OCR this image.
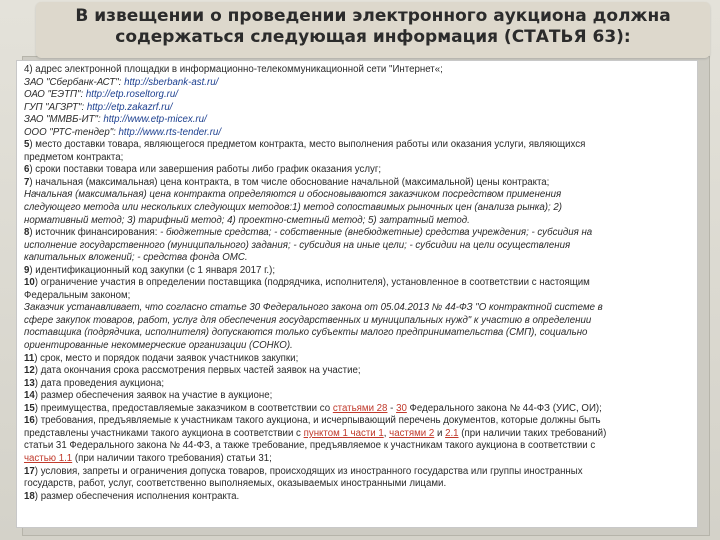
В извещении о проведении электронного аукциона должна содержаться следующая информация (СТАТЬЯ 63):

4) адрес электронной площадки в информационно-телекоммуникационной сети "Интернет«;
ЗАО "Сбербанк-АСТ": http://sberbank-ast.ru/
ОАО "ЕЭТП": http://etp.roseltorg.ru/
ГУП "АГЗРТ": http://etp.zakazrf.ru/
ЗАО "ММВБ-ИТ": http://www.etp-micex.ru/
ООО "РТС-тендер": http://www.rts-tender.ru/
5) место доставки товара, являющегося предметом контракта, место выполнения работы или оказания услуги, являющихся
предметом контракта;
6) сроки поставки товара или завершения работы либо график оказания услуг;
7) начальная (максимальная) цена контракта, в том числе обоснование начальной (максимальной) цены контракта;
Начальная (максимальная) цена контракта определяются и обосновываются заказчиком посредством применения
следующего метода или нескольких следующих методов:1) метод сопоставимых рыночных цен (анализа рынка); 2)
нормативный метод; 3) тарифный метод; 4) проектно-сметный метод; 5) затратный метод.
8) источник финансирования: - бюджетные средства; - собственные (внебюджетные) средства учреждения; - субсидия на
исполнение государственного (муниципального) задания; - субсидия на иные цели; - субсидии на цели осуществления
капитальных вложений; - средства фонда ОМС.
9) идентификационный код закупки (с 1 января 2017 г.);
10) ограничение участия в определении поставщика (подрядчика, исполнителя), установленное в соответствии с настоящим
Федеральным законом;
Заказчик устанавливает, что согласно статье 30 Федерального закона от 05.04.2013 № 44-ФЗ "О контрактной системе в
сфере закупок товаров, работ, услуг для обеспечения государственных и муниципальных нужд" к участию в определении
поставщика (подрядчика, исполнителя) допускаются только субъекты малого предпринимательства (СМП), социально
ориентированные некоммерческие организации (СОНКО).
11) срок, место и порядок подачи заявок участников закупки;
12) дата окончания срока рассмотрения первых частей заявок на участие;
13) дата проведения аукциона;
14) размер обеспечения заявок на участие в аукционе;
15) преимущества, предоставляемые заказчиком в соответствии со статьями 28 - 30 Федерального закона № 44-ФЗ (УИС, ОИ);
16) требования, предъявляемые к участникам такого аукциона, и исчерпывающий перечень документов, которые должны быть
представлены участниками такого аукциона в соответствии с пунктом 1 части 1, частями 2 и 2.1 (при наличии таких требований)
статьи 31 Федерального закона № 44-ФЗ, а также требование, предъявляемое к участникам такого аукциона в соответствии с
частью 1.1 (при наличии такого требования) статьи 31;
17) условия, запреты и ограничения допуска товаров, происходящих из иностранного государства или группы иностранных
государств, работ, услуг, соответственно выполняемых, оказываемых иностранными лицами.
18) размер обеспечения исполнения контракта.
